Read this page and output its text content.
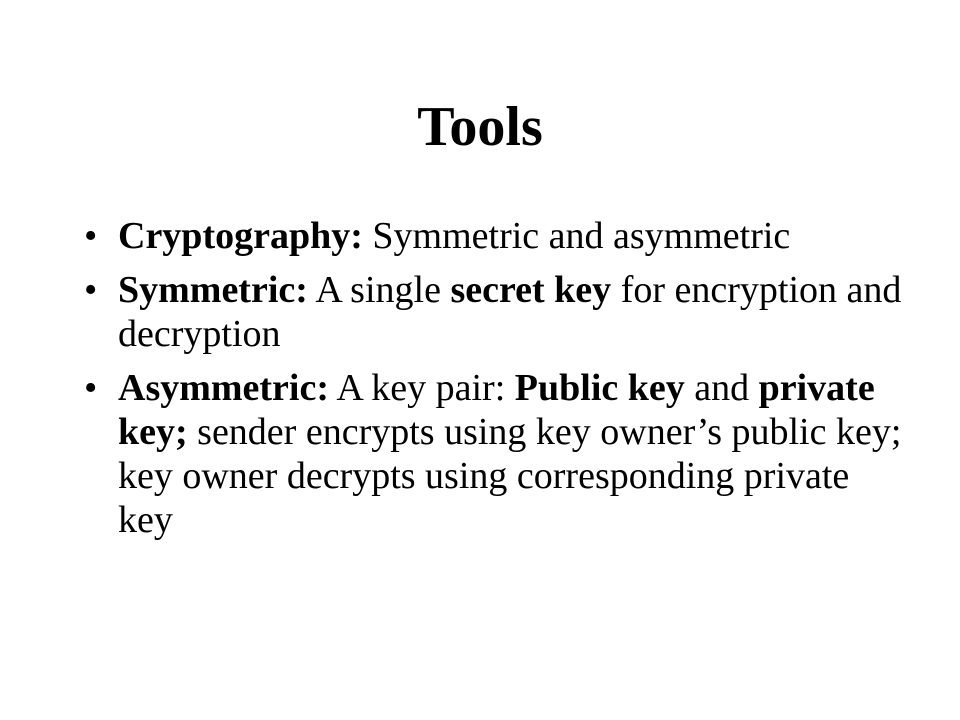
Tools
• Cryptography: Symmetric and asymmetric
• Symmetric: A single secret key for encryption and decryption
• Asymmetric: A key pair: Public key and private key; sender encrypts using key owner’s public key; key owner decrypts using corresponding private key
